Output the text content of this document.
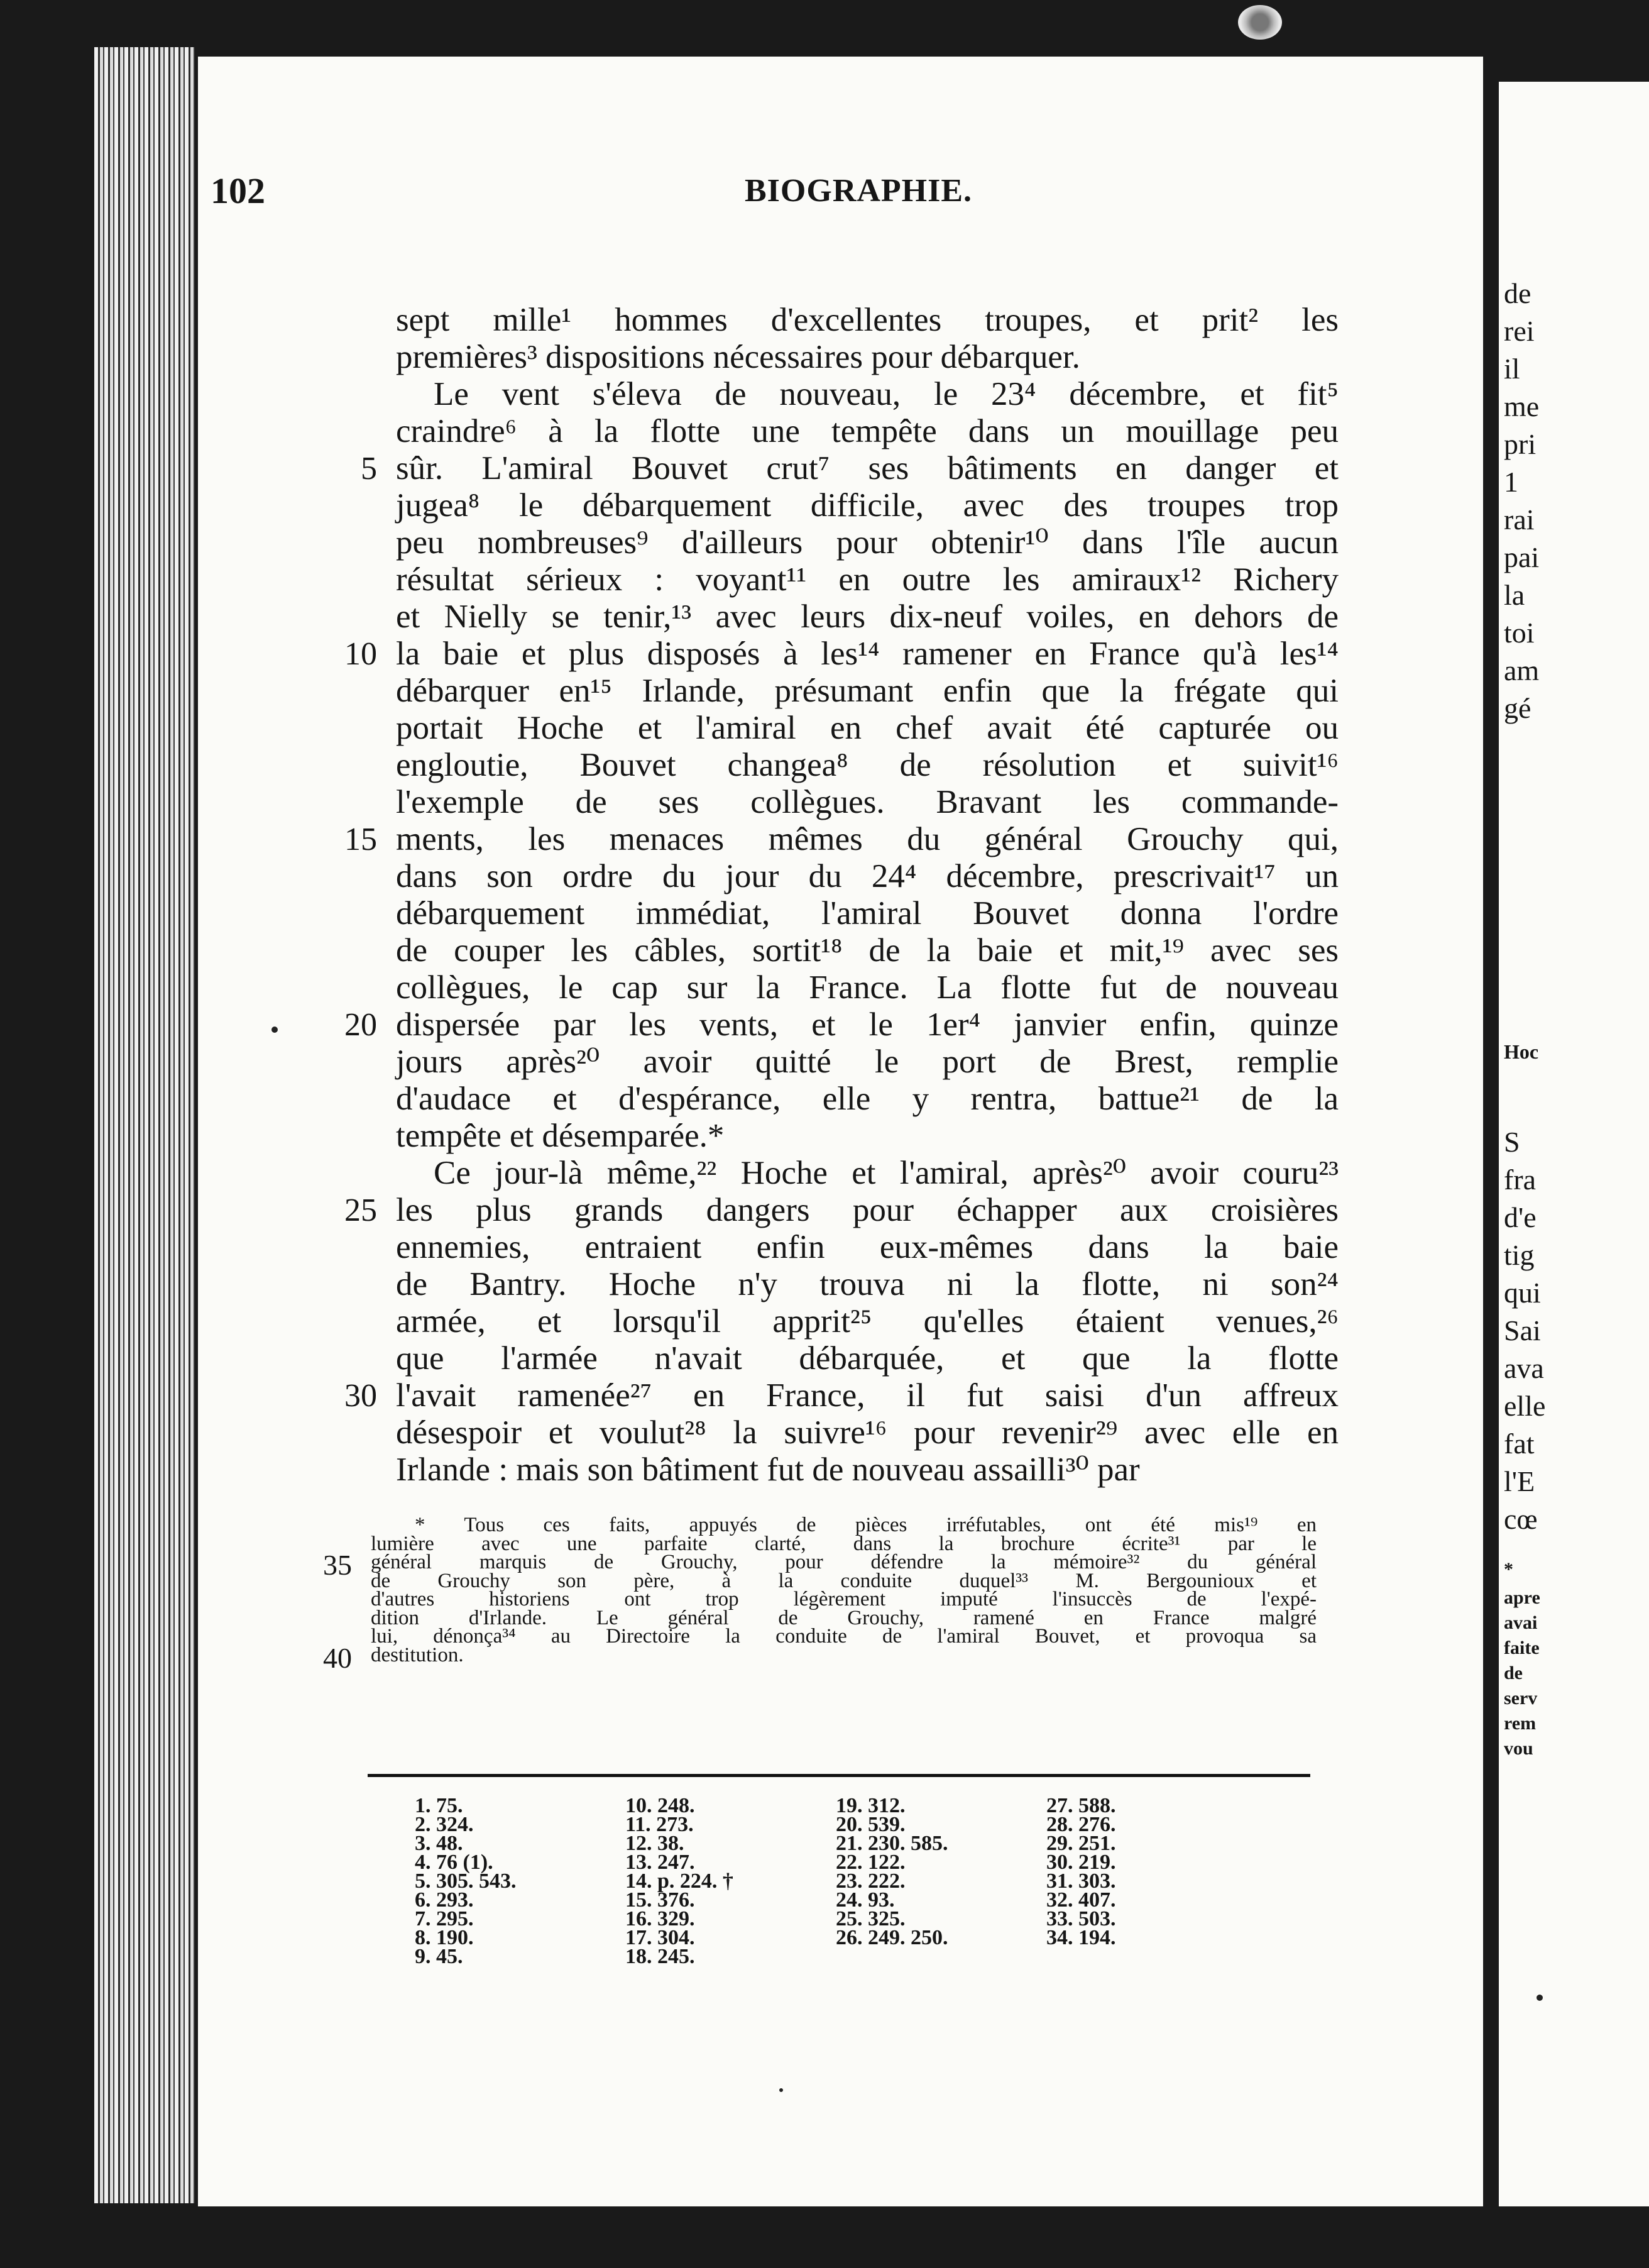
de
rei
il
me
pri
1
rai
pai
la
toi
am
gé
Hoc
S
fra
d'e
tig
qui
Sai
ava
elle
fat
l'E
cœ
*
apre
avai
faite
de
serv
rem
vou
102	BIOGRAPHIE.
sept mille¹ hommes d'excellentes troupes, et prit² les
premières³ dispositions nécessaires pour débarquer.
Le vent s'éleva de nouveau, le 23⁴ décembre, et fit⁵
craindre⁶ à la flotte une tempête dans un mouillage peu
sûr. L'amiral Bouvet crut⁷ ses bâtiments en danger et
jugea⁸ le débarquement difficile, avec des troupes trop
peu nombreuses⁹ d'ailleurs pour obtenir¹⁰ dans l'île aucun
résultat sérieux : voyant¹¹ en outre les amiraux¹² Richery
et Nielly se tenir,¹³ avec leurs dix-neuf voiles, en dehors de
la baie et plus disposés à les¹⁴ ramener en France qu'à les¹⁴
débarquer en¹⁵ Irlande, présumant enfin que la frégate qui
portait Hoche et l'amiral en chef avait été capturée ou
engloutie, Bouvet changea⁸ de résolution et suivit¹⁶
l'exemple de ses collègues. Bravant les commande-
ments, les menaces mêmes du général Grouchy qui,
dans son ordre du jour du 24⁴ décembre, prescrivait¹⁷ un
débarquement immédiat, l'amiral Bouvet donna l'ordre
de couper les câbles, sortit¹⁸ de la baie et mit,¹⁹ avec ses
collègues, le cap sur la France. La flotte fut de nouveau
dispersée par les vents, et le 1er⁴ janvier enfin, quinze
jours après²⁰ avoir quitté le port de Brest, remplie
d'audace et d'espérance, elle y rentra, battue²¹ de la
tempête et désemparée.*
Ce jour-là même,²² Hoche et l'amiral, après²⁰ avoir couru²³
les plus grands dangers pour échapper aux croisières
ennemies, entraient enfin eux-mêmes dans la baie
de Bantry. Hoche n'y trouva ni la flotte, ni son²⁴
armée, et lorsqu'il apprit²⁵ qu'elles étaient venues,²⁶
que l'armée n'avait débarquée, et que la flotte
l'avait ramenée²⁷ en France, il fut saisi d'un affreux
désespoir et voulut²⁸ la suivre¹⁶ pour revenir²⁹ avec elle en
Irlande : mais son bâtiment fut de nouveau assailli³⁰ par
5
10
15
20
25
30
35
40
* Tous ces faits, appuyés de pièces irréfutables, ont été mis¹⁹ en
lumière avec une parfaite clarté, dans la brochure écrite³¹ par le
général marquis de Grouchy, pour défendre la mémoire³² du général
de Grouchy son père, à la conduite duquel³³ M. Bergounioux et
d'autres historiens ont trop légèrement imputé l'insuccès de l'expé-
dition d'Irlande. Le général de Grouchy, ramené en France malgré
lui, dénonça³⁴ au Directoire la conduite de l'amiral Bouvet, et provoqua sa
destitution.
1. 75.
2. 324.
3. 48.
4. 76 (1).
5. 305. 543.
6. 293.
7. 295.
8. 190.
9. 45.
10. 248.
11. 273.
12. 38.
13. 247.
14. p. 224. †
15. 376.
16. 329.
17. 304.
18. 245.
19. 312.
20. 539.
21. 230. 585.
22. 122.
23. 222.
24. 93.
25. 325.
26. 249. 250.
27. 588.
28. 276.
29. 251.
30. 219.
31. 303.
32. 407.
33. 503.
34. 194.
